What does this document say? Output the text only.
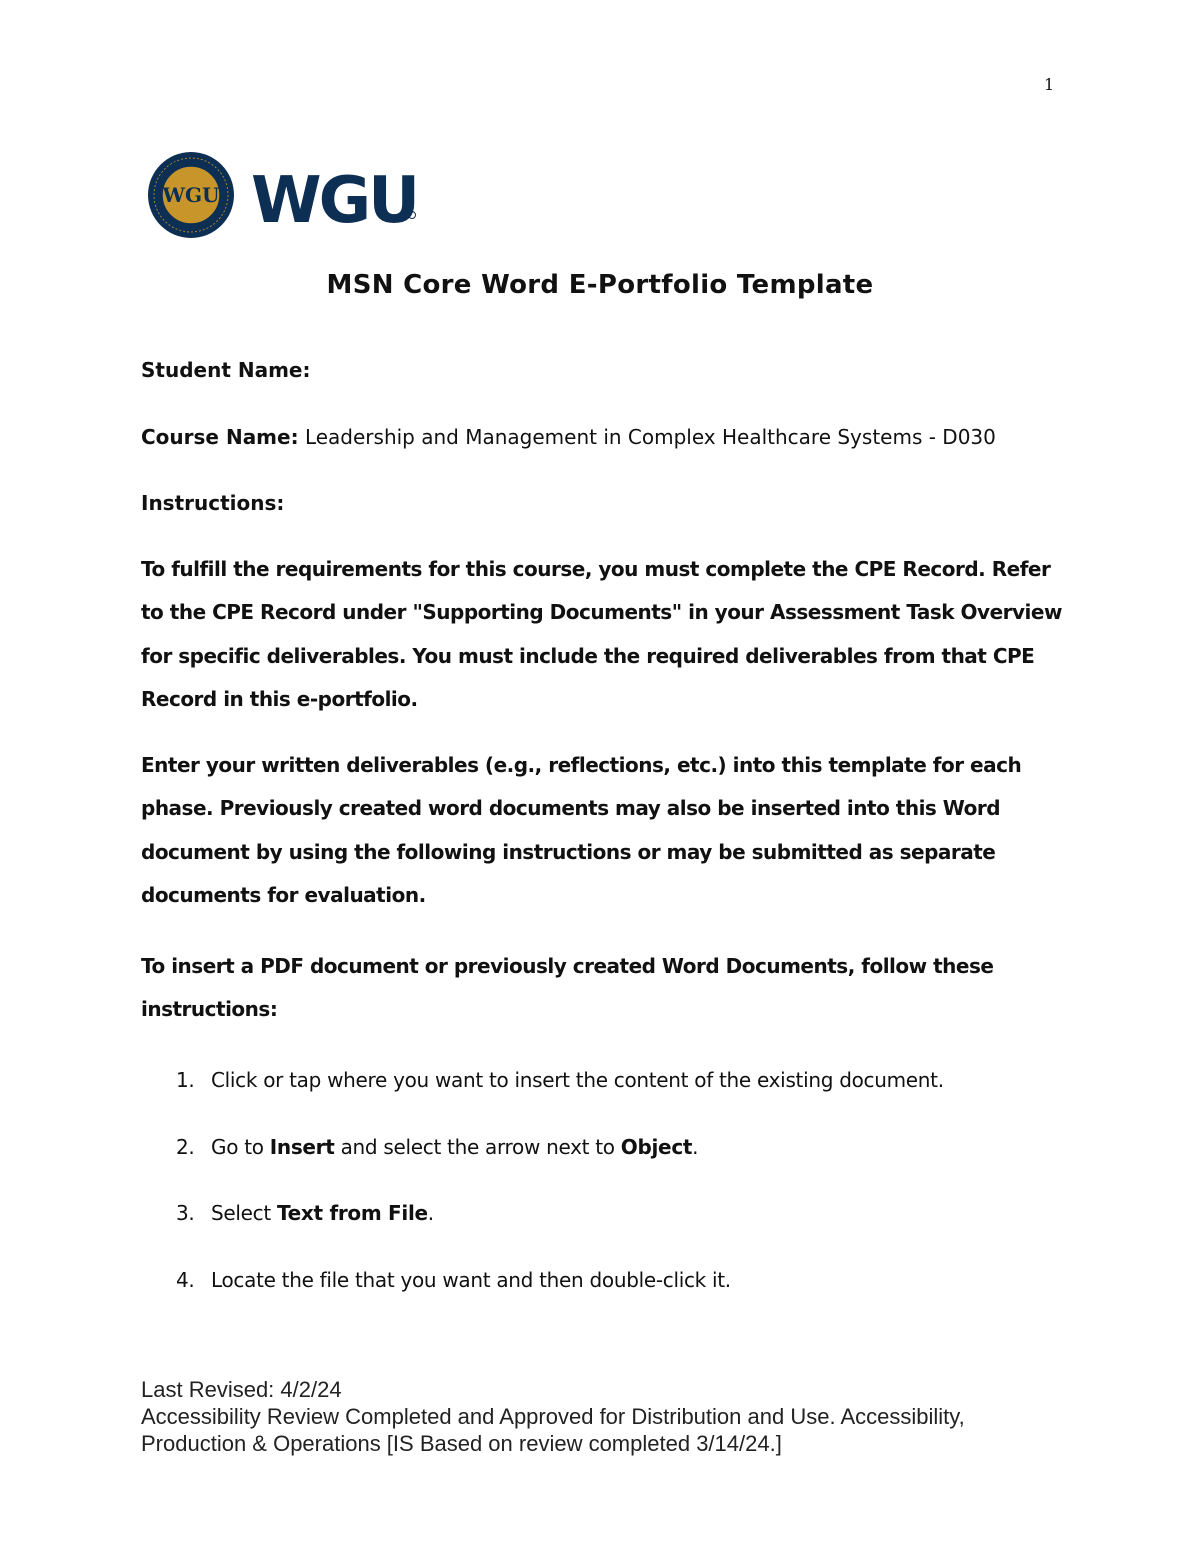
1
WGU WGU
MSN Core Word E-Portfolio Template
Student Name:
Course Name: Leadership and Management in Complex Healthcare Systems - D030
Instructions:
To fulfill the requirements for this course, you must complete the CPE Record. Refer
to the CPE Record under "Supporting Documents" in your Assessment Task Overview
for specific deliverables. You must include the required deliverables from that CPE
Record in this e-portfolio.
Enter your written deliverables (e.g., reflections, etc.) into this template for each
phase. Previously created word documents may also be inserted into this Word
document by using the following instructions or may be submitted as separate
documents for evaluation.
To insert a PDF document or previously created Word Documents, follow these
instructions:
1. Click or tap where you want to insert the content of the existing document.
2. Go to Insert and select the arrow next to Object.
3. Select Text from File.
4. Locate the file that you want and then double-click it.
Last Revised: 4/2/24
Accessibility Review Completed and Approved for Distribution and Use. Accessibility,
Production & Operations [IS Based on review completed 3/14/24.]
